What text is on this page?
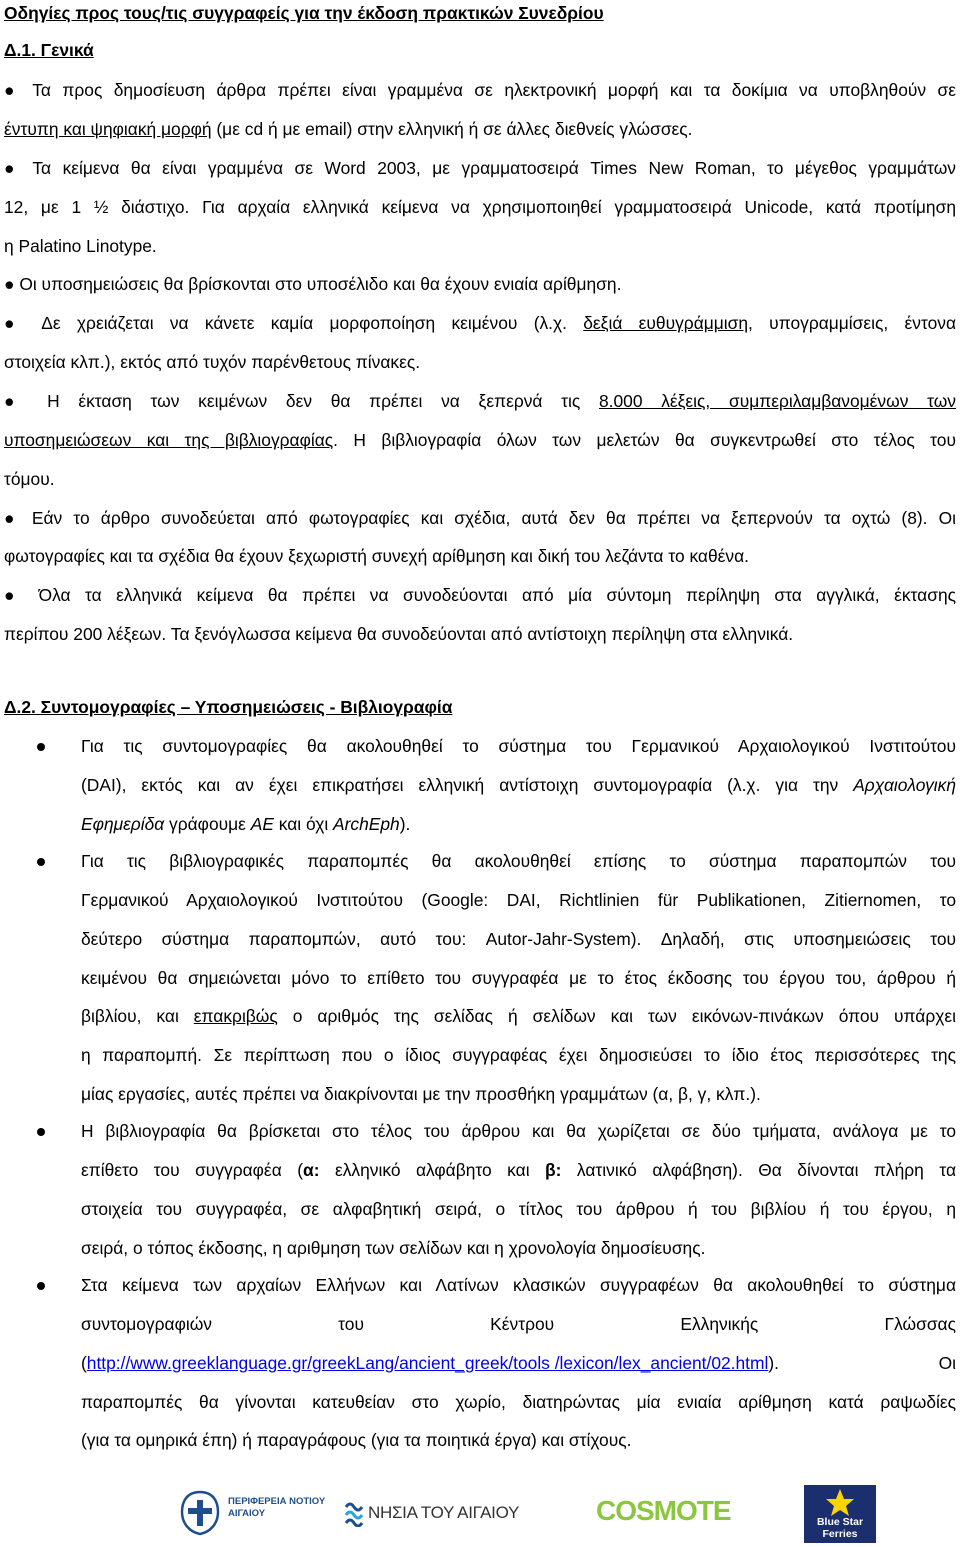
Οδηγίες προς τους/τις συγγραφείς για την έκδοση πρακτικών Συνεδρίου
Δ.1. Γενικά
● Τα προς δημοσίευση άρθρα πρέπει είναι γραμμένα σε ηλεκτρονική μορφή και τα δοκίμια να υποβληθούν σε
έντυπη και ψηφιακή μορφή (με cd ή με email) στην ελληνική ή σε άλλες διεθνείς γλώσσες.
● Τα κείμενα θα είναι γραμμένα σε Word 2003, με γραμματοσειρά Times New Roman, το μέγεθος γραμμάτων
12, με 1 ½ διάστιχο. Για αρχαία ελληνικά κείμενα να χρησιμοποιηθεί γραμματοσειρά Unicode, κατά προτίμηση
η Palatino Linotype.
● Οι υποσημειώσεις θα βρίσκονται στο υποσέλιδο και θα έχουν ενιαία αρίθμηση.
● Δε χρειάζεται να κάνετε καμία μορφοποίηση κειμένου (λ.χ. δεξιά ευθυγράμμιση, υπογραμμίσεις, έντονα
στοιχεία κλπ.), εκτός από τυχόν παρένθετους πίνακες.
● Η έκταση των κειμένων δεν θα πρέπει να ξεπερνά τις 8.000 λέξεις, συμπεριλαμβανομένων των
υποσημειώσεων και της βιβλιογραφίας. Η βιβλιογραφία όλων των μελετών θα συγκεντρωθεί στο τέλος του
τόμου.
● Εάν το άρθρο συνοδεύεται από φωτογραφίες και σχέδια, αυτά δεν θα πρέπει να ξεπερνούν τα οχτώ (8). Οι
φωτογραφίες και τα σχέδια θα έχουν ξεχωριστή συνεχή αρίθμηση και δική του λεζάντα το καθένα.
● Όλα τα ελληνικά κείμενα θα πρέπει να συνοδεύονται από μία σύντομη περίληψη στα αγγλικά, έκτασης
περίπου 200 λέξεων. Τα ξενόγλωσσα κείμενα θα συνοδεύονται από αντίστοιχη περίληψη στα ελληνικά.
Δ.2. Συντομογραφίες – Υποσημειώσεις - Βιβλιογραφία
Για τις συντομογραφίες θα ακολουθηθεί το σύστημα του Γερμανικού Αρχαιολογικού Ινστιτούτου
(DAI), εκτός και αν έχει επικρατήσει ελληνική αντίστοιχη συντομογραφία (λ.χ. για την Αρχαιολογική
Εφημερίδα γράφουμε ΑΕ και όχι ArchEph).
Για τις βιβλιογραφικές παραπομπές θα ακολουθηθεί επίσης το σύστημα παραπομπών του
Γερμανικού Αρχαιολογικού Ινστιτούτου (Google: DAI, Richtlinien für Publikationen, Zitiernomen, το
δεύτερο σύστημα παραπομπών, αυτό του: Autor-Jahr-System). Δηλαδή, στις υποσημειώσεις του
κειμένου θα σημειώνεται μόνο το επίθετο του συγγραφέα με το έτος έκδοσης του έργου του, άρθρου ή
βιβλίου, και επακριβώς ο αριθμός της σελίδας ή σελίδων και των εικόνων-πινάκων όπου υπάρχει
η παραπομπή. Σε περίπτωση που ο ίδιος συγγραφέας έχει δημοσιεύσει το ίδιο έτος περισσότερες της
μίας εργασίες, αυτές πρέπει να διακρίνονται με την προσθήκη γραμμάτων (α, β, γ, κλπ.).
Η βιβλιογραφία θα βρίσκεται στο τέλος του άρθρου και θα χωρίζεται σε δύο τμήματα, ανάλογα με το
επίθετο του συγγραφέα (α: ελληνικό αλφάβητο και β: λατινικό αλφάβηση). Θα δίνονται πλήρη τα
στοιχεία του συγγραφέα, σε αλφαβητική σειρά, ο τίτλος του άρθρου ή του βιβλίου ή του έργου, η
σειρά, ο τόπος έκδοσης, η αριθμηση των σελίδων και η χρονολογία δημοσίευσης.
Στα κείμενα των αρχαίων Ελλήνων και Λατίνων κλασικών συγγραφέων θα ακολουθηθεί το σύστημα
συντομογραφιών του Κέντρου Ελληνικής Γλώσσας
(http://www.greeklanguage.gr/greekLang/ancient_greek/tools /lexicon/lex_ancient/02.html).	Οι
παραπομπές θα γίνονται κατευθείαν στο χωρίο, διατηρώντας μία ενιαία αρίθμηση κατά ραψωδίες
(για τα ομηρικά έπη) ή παραγράφους (για τα ποιητικά έργα) και στίχους.
ΠΕΡΙΦΕΡΕΙΑ ΝΟΤΙΟΥ ΑΙΓΑΙΟΥ	ΝΗΣΙΑ ΤΟΥ ΑΙΓΑΙΟΥ	COSMOTE	Blue Star
Ferries
